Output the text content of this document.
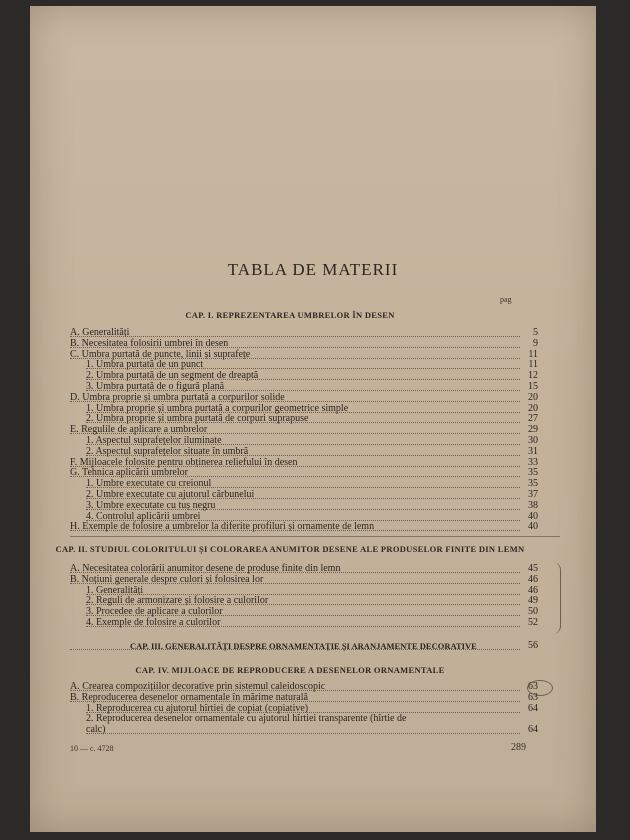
TABLA DE MATERII
pag
CAP. I. REPREZENTAREA UMBRELOR ÎN DESEN
A. Generalități	5
B. Necesitatea folosirii umbrei în desen	9
C. Umbra purtată de puncte, linii și suprafețe	11
1. Umbra purtată de un punct	11
2. Umbra purtată de un segment de dreaptă	12
3. Umbra purtată de o figură plană	15
D. Umbra proprie și umbra purtată a corpurilor solide	20
1. Umbra proprie și umbra purtată a corpurilor geometrice simple	20
2. Umbra proprie și umbra purtată de corpuri suprapuse	27
E. Regulile de aplicare a umbrelor	29
1. Aspectul suprafețelor iluminate	30
2. Aspectul suprafețelor situate în umbră	31
F. Mijloacele folosite pentru obținerea reliefului în desen	33
G. Tehnica aplicării umbrelor	35
1. Umbre executate cu creionul	35
2. Umbre executate cu ajutorul cărbunelui	37
3. Umbre executate cu tuș negru	38
4. Controlul aplicării umbrei	40
H. Exemple de folosire a umbrelor la diferite profiluri și ornamente de lemn	40
CAP. II. STUDIUL COLORITULUI ȘI COLORAREA ANUMITOR DESENE ALE PRODUSELOR FINITE DIN LEMN
A. Necesitatea colorării anumitor desene de produse finite din lemn	45
B. Noțiuni generale despre culori și folosirea lor	46
1. Generalități	46
2. Reguli de armonizare și folosire a culorilor	49
3. Procedee de aplicare a culorilor	50
4. Exemple de folosire a culorilor	52
CAP. III. GENERALITĂȚI DESPRE ORNAMENTAȚIE ȘI ARANJAMENTE DECORATIVE	56
CAP. IV. MIJLOACE DE REPRODUCERE A DESENELOR ORNAMENTALE
A. Crearea compozițiilor decorative prin sistemul caleidoscopic	63
B. Reproducerea desenelor ornamentale în mărime naturală	63
1. Reproducerea cu ajutorul hîrtiei de copiat (copiative)	64
2. Reproducerea desenelor ornamentale cu ajutorul hîrtiei transparente (hîrtie de
calc)	64
10 — c. 4728	289
